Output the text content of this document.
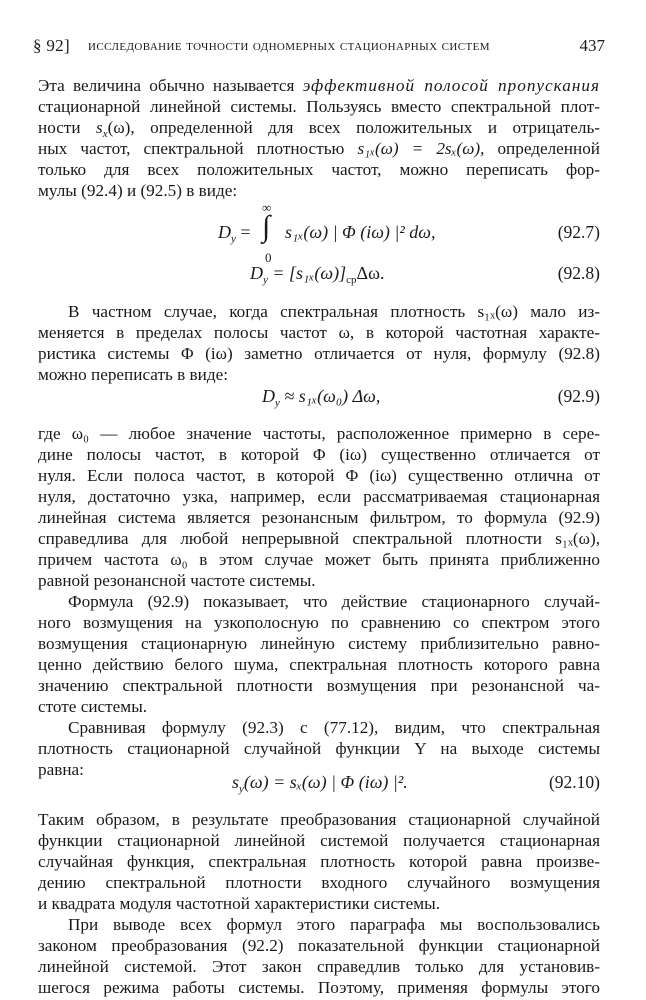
§ 92] исследование точности одномерных стационарных систем	437
Эта величина обычно называется эффективной полосой пропускания
стационарной линейной системы. Пользуясь вместо спектральной плот-
ности $s_x(\omega)$, определенной для всех положительных и отрицатель-
ных частот, спектральной плотностью s₁ₓ(ω) = 2sₓ(ω), определенной
только для всех положительных частот, можно переписать фор-
мулы (92.4) и (92.5) в виде:
$D_y$ =
∞
∫
0
s₁ₓ(ω) | Φ (iω) |² dω,	(92.7)
$D_y = [s_{1x}(\omega)]_{ср}\Delta\omega$.	(92.8)
В частном случае, когда спектральная плотность s₁ₓ(ω) мало из-
меняется в пределах полосы частот ω, в которой частотная характе-
ристика системы Φ (iω) заметно отличается от нуля, формулу (92.8)
можно переписать в виде:
$D_y \approx s_{1x}(\omega_0)$ Δω,	(92.9)
где ω₀ — любое значение частоты, расположенное примерно в сере-
дине полосы частот, в которой Φ (iω) существенно отличается от
нуля. Если полоса частот, в которой Φ (iω) существенно отлична от
нуля, достаточно узка, например, если рассматриваемая стационарная
линейная система является резонансным фильтром, то формула (92.9)
справедлива для любой непрерывной спектральной плотности s₁ₓ(ω),
причем частота ω₀ в этом случае может быть принята приближенно
равной резонансной частоте системы.
Формула (92.9) показывает, что действие стационарного случай-
ного возмущения на узкополосную по сравнению со спектром этого
возмущения стационарную линейную систему приблизительно равно-
ценно действию белого шума, спектральная плотность которого равна
значению спектральной плотности возмущения при резонансной ча-
стоте системы.
Сравнивая формулу (92.3) с (77.12), видим, что спектральная
плотность стационарной случайной функции Y на выходе системы
равна:
$s_y(\omega) = s_x(\omega)$ | Φ (iω) |².	(92.10)
Таким образом, в результате преобразования стационарной случайной
функции стационарной линейной системой получается стационарная
случайная функция, спектральная плотность которой равна произве-
дению спектральной плотности входного случайного возмущения
и квадрата модуля частотной характеристики системы.
При выводе всех формул этого параграфа мы воспользовались
законом преобразования (92.2) показательной функции стационарной
линейной системой. Этот закон справедлив только для установив-
шегося режима работы системы. Поэтому, применяя формулы этого
